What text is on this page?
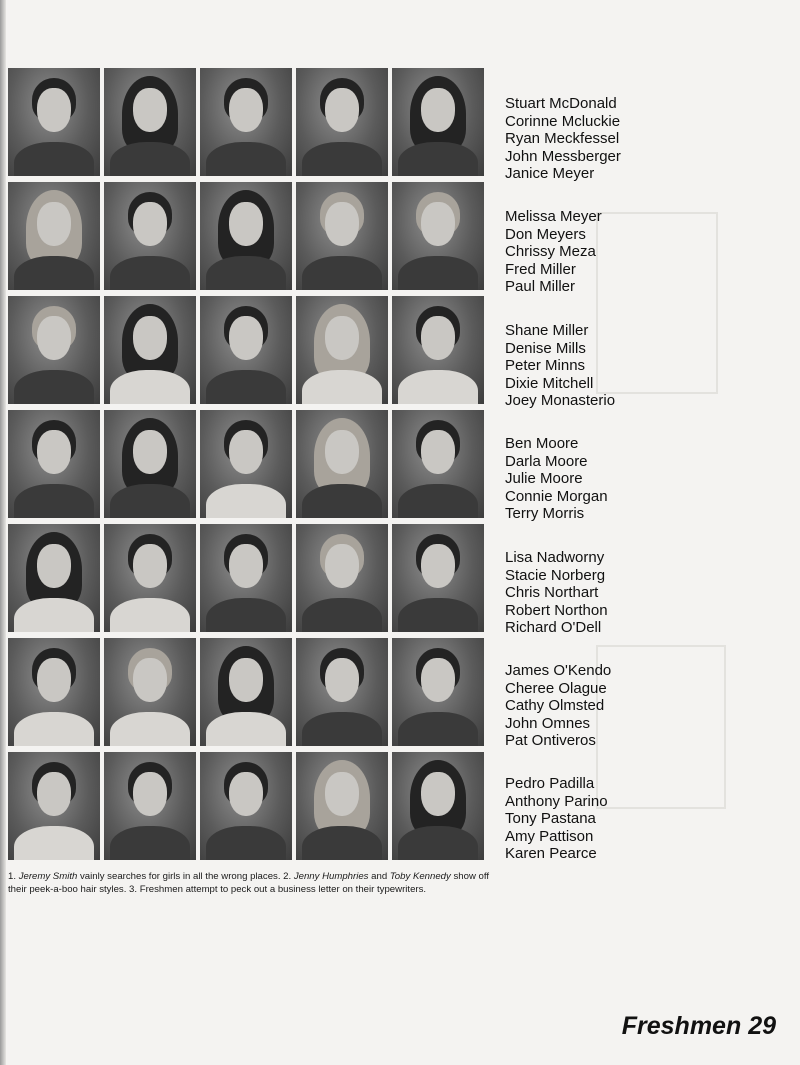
Stuart McDonald
Corinne Mcluckie
Ryan Meckfessel
John Messberger
Janice Meyer
Melissa Meyer
Don Meyers
Chrissy Meza
Fred Miller
Paul Miller
Shane Miller
Denise Mills
Peter Minns
Dixie Mitchell
Joey Monasterio
Ben Moore
Darla Moore
Julie Moore
Connie Morgan
Terry Morris
Lisa Nadworny
Stacie Norberg
Chris Northart
Robert Northon
Richard O'Dell
James O'Kendo
Cheree Olague
Cathy Olmsted
John Omnes
Pat Ontiveros
Pedro Padilla
Anthony Parino
Tony Pastana
Amy Pattison
Karen Pearce
1. Jeremy Smith vainly searches for girls in all the wrong places. 2. Jenny Humphries and Toby Kennedy show off their peek-a-boo hair styles. 3. Freshmen attempt to peck out a business letter on their typewriters.
Freshmen 29
